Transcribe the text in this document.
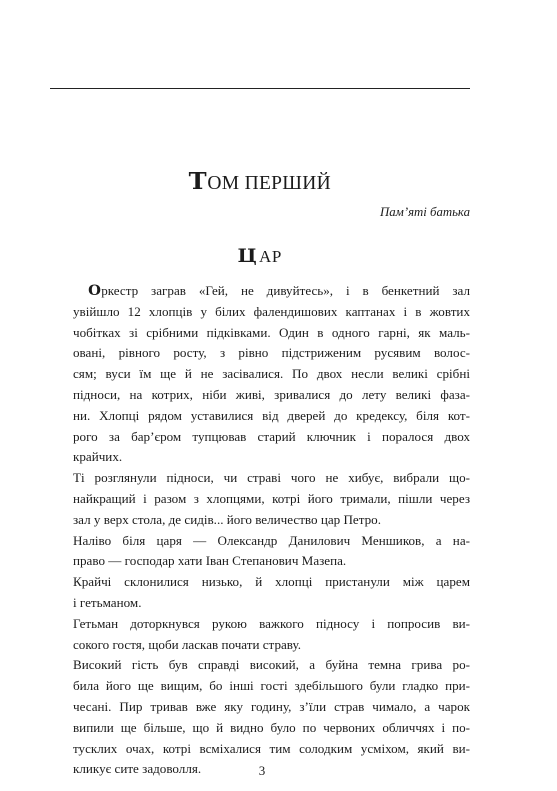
ТОМ ПЕРШИЙ
Пам’яті батька
ЦАР

Оркестр заграв «Гей, не дивуйтесь», і в бенкетний зал
увійшло 12 хлопців у білих фалендишових каптанах і в жовтих
чобітках зі срібними підківками. Один в одного гарні, як маль-
овані, рівного росту, з рівно підстриженим русявим волос-
сям; вуси їм ще й не засівалися. По двох несли великі срібні
підноси, на котрих, ніби живі, зривалися до лету великі фаза-
ни. Хлопці рядом уставилися від дверей до кредексу, біля кот-
рого за бар’єром тупцював старий ключник і поралося двох
крайчих.

Ті розглянули підноси, чи страві чого не хибує, вибрали що-
найкращий і разом з хлопцями, котрі його тримали, пішли через
зал у верх стола, де сидів... його величество цар Петро.

Наліво біля царя — Олександр Данилович Меншиков, а на-
право — господар хати Іван Степанович Мазепа.

Крайчі склонилися низько, й хлопці пристанули між царем
і гетьманом.

Гетьман доторкнувся рукою важкого підносу і попросив ви-
сокого гостя, щоби ласкав почати страву.

Високий гість був справді високий, а буйна темна грива ро-
била його ще вищим, бо інші гості здебільшого були гладко при-
чесані. Пир тривав вже яку годину, з’їли страв чимало, а чарок
випили ще більше, що й видно було по червоних обличчях і по-
тусклих очах, котрі всміхалися тим солодким усміхом, який ви-
кликує сите задоволля.	3
